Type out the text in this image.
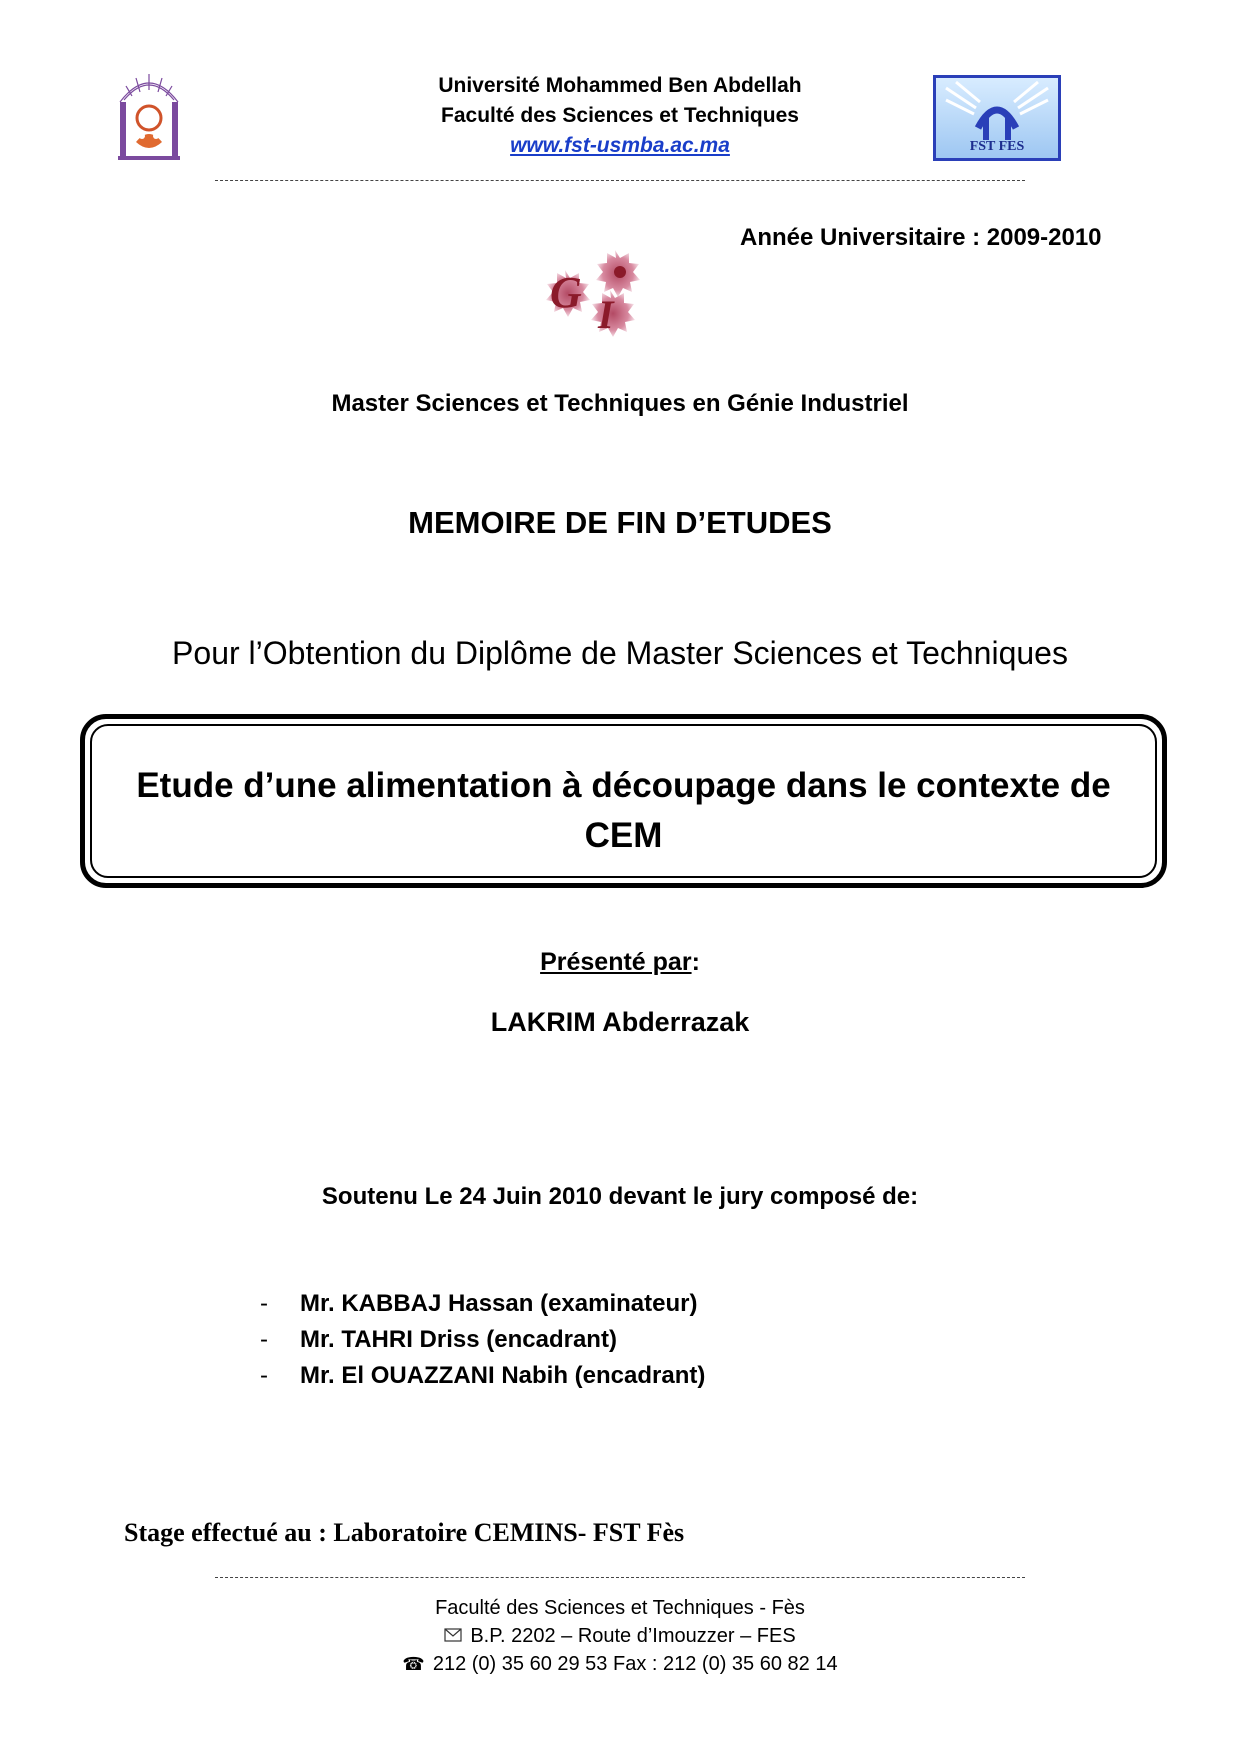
Université Mohammed Ben Abdellah
Faculté des Sciences et Techniques
www.fst-usmba.ac.ma	FST FES
Année Universitaire : 2009-2010
G I
Master Sciences et Techniques en Génie Industriel
MEMOIRE DE FIN D’ETUDES
Pour l’Obtention du Diplôme de Master Sciences et Techniques
Etude d’une alimentation à découpage dans le contexte de
CEM
Présenté par:
LAKRIM Abderrazak
Soutenu Le 24 Juin 2010 devant le jury composé de:
-	Mr. KABBAJ Hassan (examinateur)
-	Mr. TAHRI Driss (encadrant)
-	Mr. El OUAZZANI Nabih (encadrant)
Stage effectué au : Laboratoire CEMINS- FST Fès
Faculté des Sciences et Techniques - Fès
B.P. 2202 – Route d’Imouzzer – FES
☎ 212 (0) 35 60 29 53 Fax : 212 (0) 35 60 82 14
